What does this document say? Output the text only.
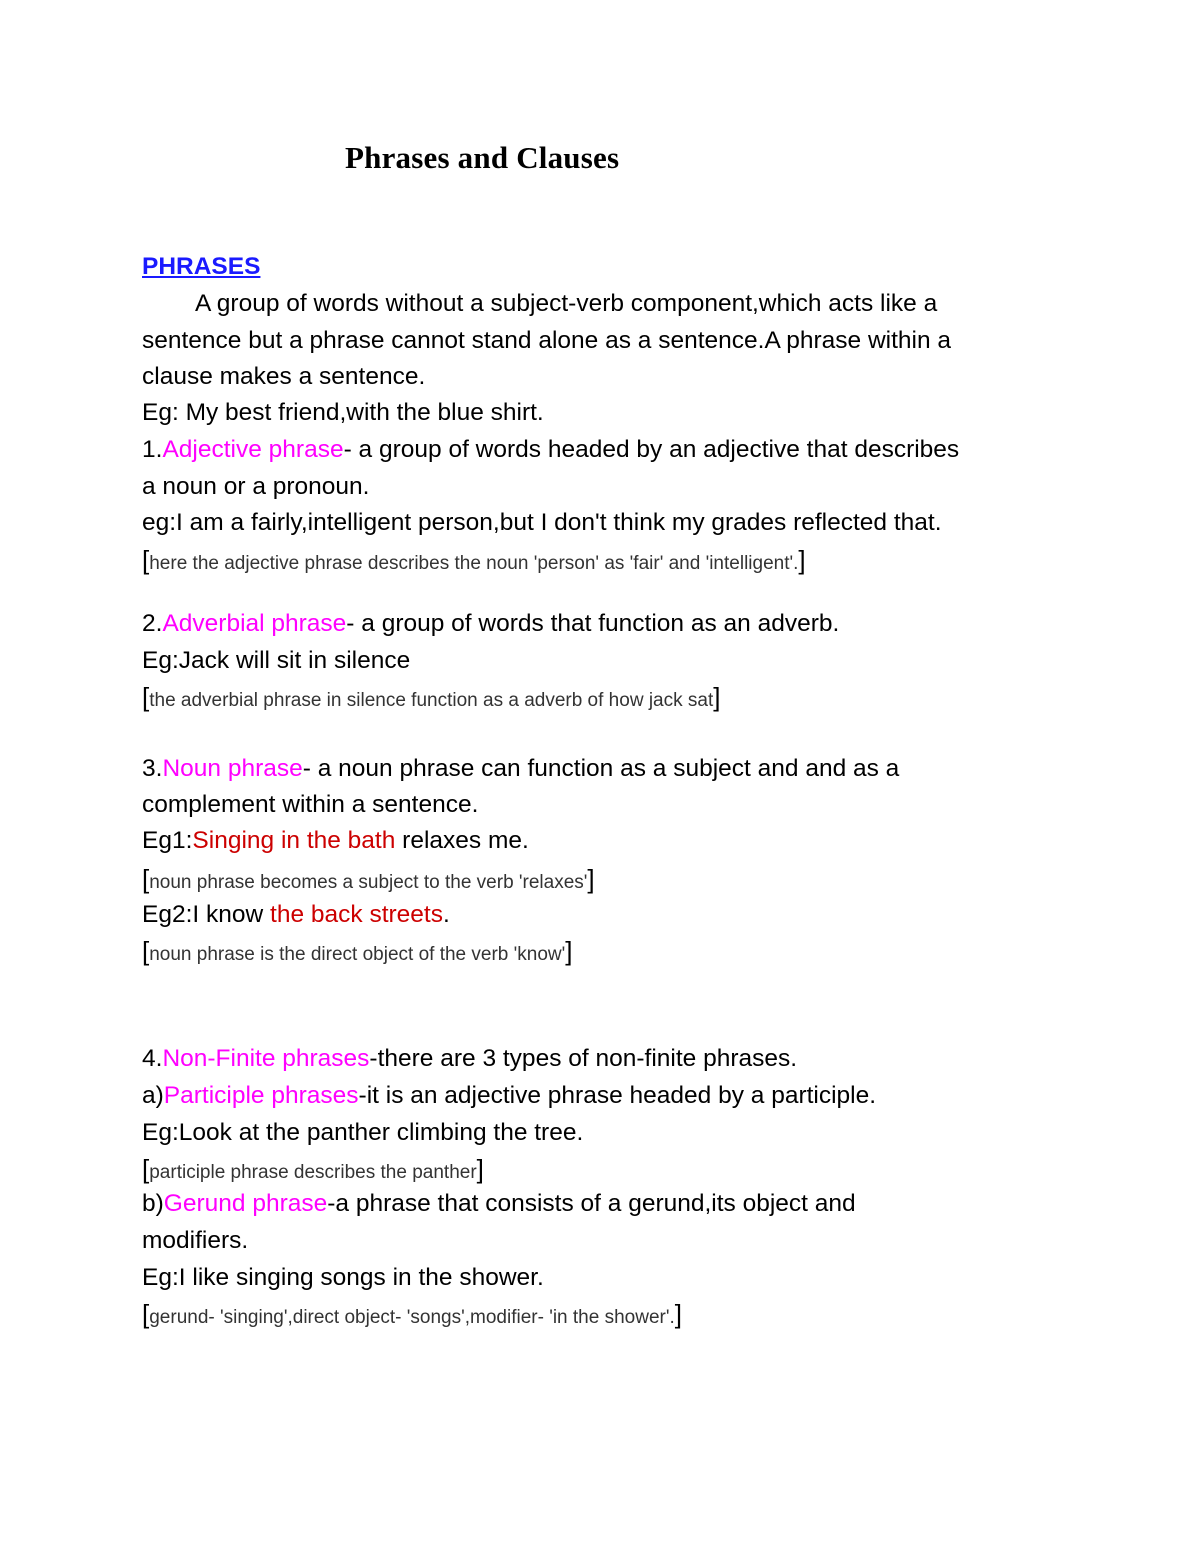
Phrases and Clauses
PHRASES
A group of words without a subject-verb component,which acts like a
sentence but a phrase cannot stand alone as a sentence.A phrase within a
clause makes a sentence.
Eg: My best friend,with the blue shirt.
1.Adjective phrase- a group of words headed by an adjective that describes
a noun or a pronoun.
eg:I am a fairly,intelligent person,but I don't think my grades reflected that.
[here the adjective phrase describes the noun 'person' as 'fair' and 'intelligent'.]
2.Adverbial phrase- a group of words that function as an adverb.
Eg:Jack will sit in silence
[the adverbial phrase in silence function as a adverb of how jack sat]
3.Noun phrase- a noun phrase can function as a subject and and as a
complement within a sentence.
Eg1:Singing in the bath relaxes me.
[noun phrase becomes a subject to the verb 'relaxes']
Eg2:I know the back streets.
[noun phrase is the direct object of the verb 'know']
4.Non-Finite phrases-there are 3 types of non-finite phrases.
a)Participle phrases-it is an adjective phrase headed by a participle.
Eg:Look at the panther climbing the tree.
[participle phrase describes the panther]
b)Gerund phrase-a phrase that consists of a gerund,its object and
modifiers.
Eg:I like singing songs in the shower.
[gerund- 'singing',direct object- 'songs',modifier- 'in the shower'.]
